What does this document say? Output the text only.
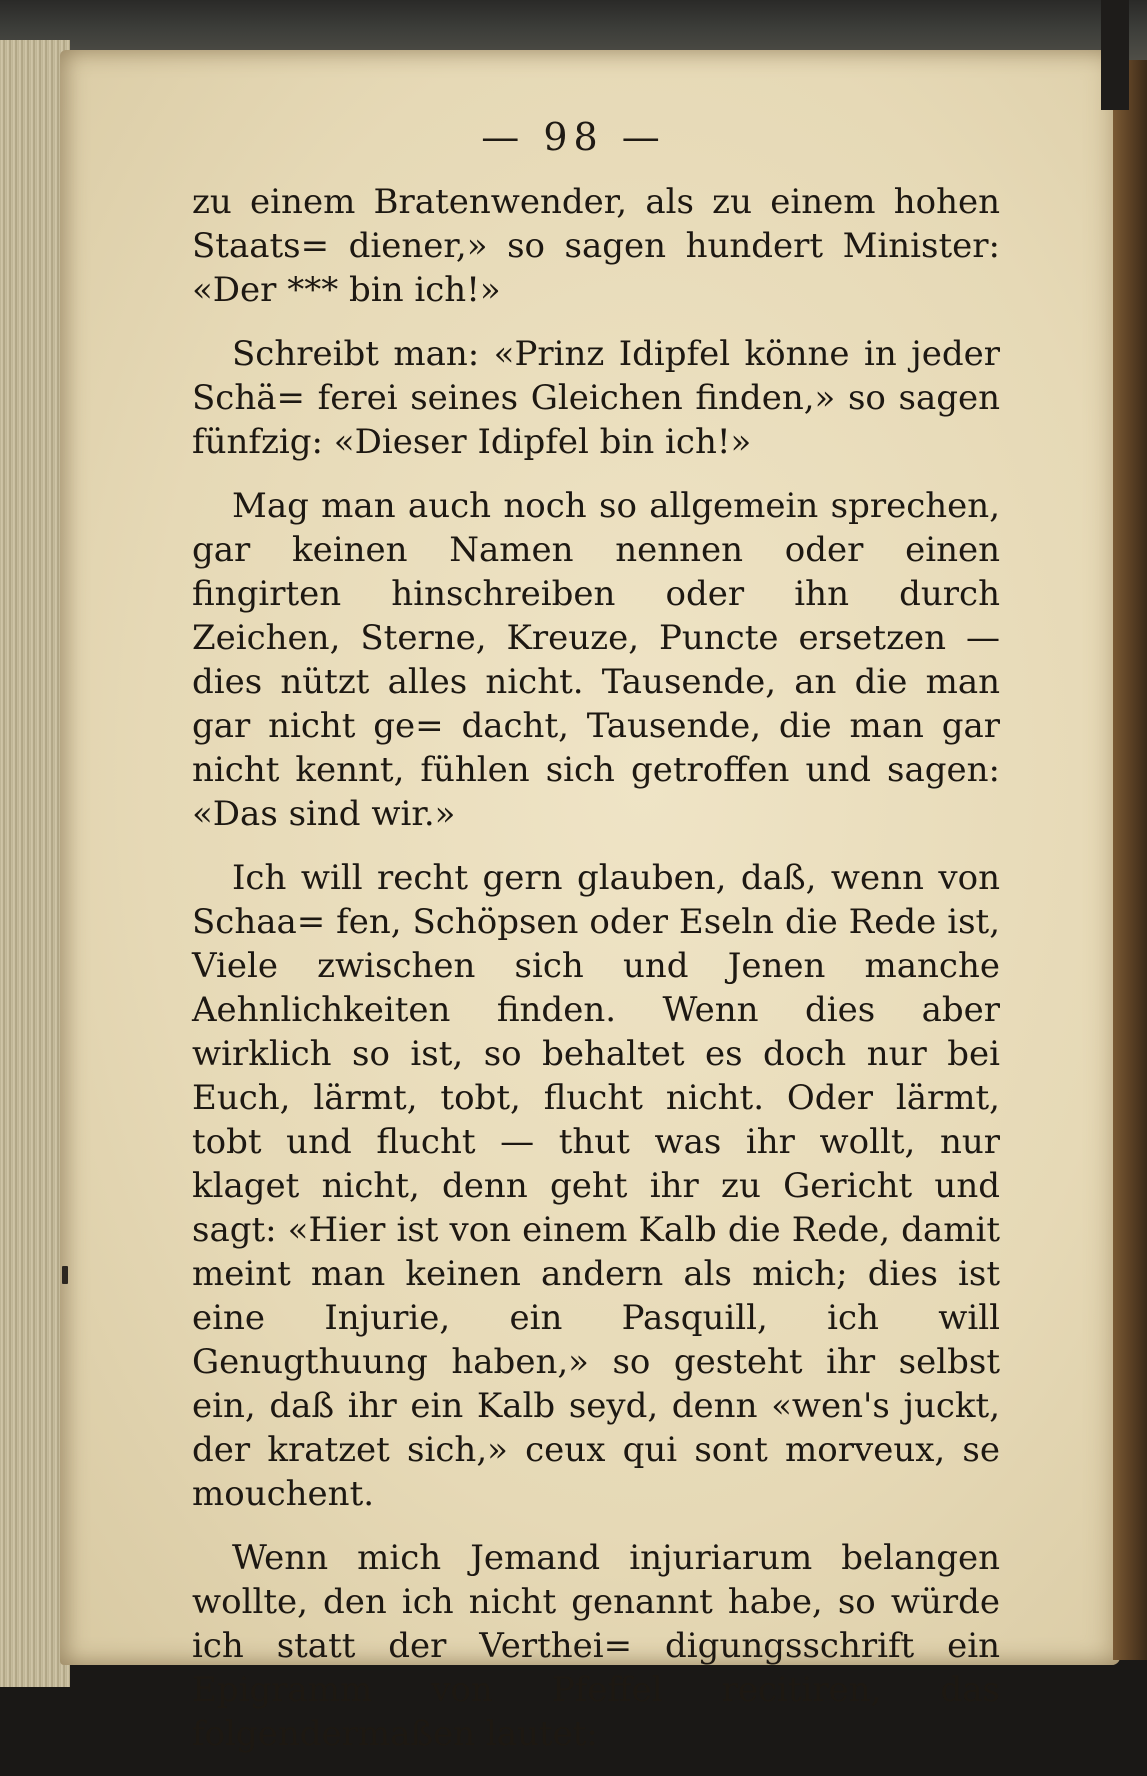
— 98 —

zu einem Bratenwender, als zu einem hohen Staats= diener,» so sagen hundert Minister: «Der *** bin ich!»

Schreibt man: «Prinz Idipfel könne in jeder Schä= ferei seines Gleichen finden,» so sagen fünfzig: «Dieser Idipfel bin ich!»

Mag man auch noch so allgemein sprechen, gar keinen Namen nennen oder einen fingirten hinschreiben oder ihn durch Zeichen, Sterne, Kreuze, Puncte ersetzen — dies nützt alles nicht. Tausende, an die man gar nicht ge= dacht, Tausende, die man gar nicht kennt, fühlen sich getroffen und sagen: «Das sind wir.»

Ich will recht gern glauben, daß, wenn von Schaa= fen, Schöpsen oder Eseln die Rede ist, Viele zwischen sich und Jenen manche Aehnlichkeiten finden. Wenn dies aber wirklich so ist, so behaltet es doch nur bei Euch, lärmt, tobt, flucht nicht. Oder lärmt, tobt und flucht — thut was ihr wollt, nur klaget nicht, denn geht ihr zu Gericht und sagt: «Hier ist von einem Kalb die Rede, damit meint man keinen andern als mich; dies ist eine Injurie, ein Pasquill, ich will Genugthuung haben,» so gesteht ihr selbst ein, daß ihr ein Kalb seyd, denn «wen's juckt, der kratzet sich,» ceux qui sont morveux, se mouchent.

Wenn mich Jemand injuriarum belangen wollte, den ich nicht genannt habe, so würde ich statt der Verthei= digungsschrift ein Epigramm von Pfeffel recitiren, das folgendermaßen lautet:
